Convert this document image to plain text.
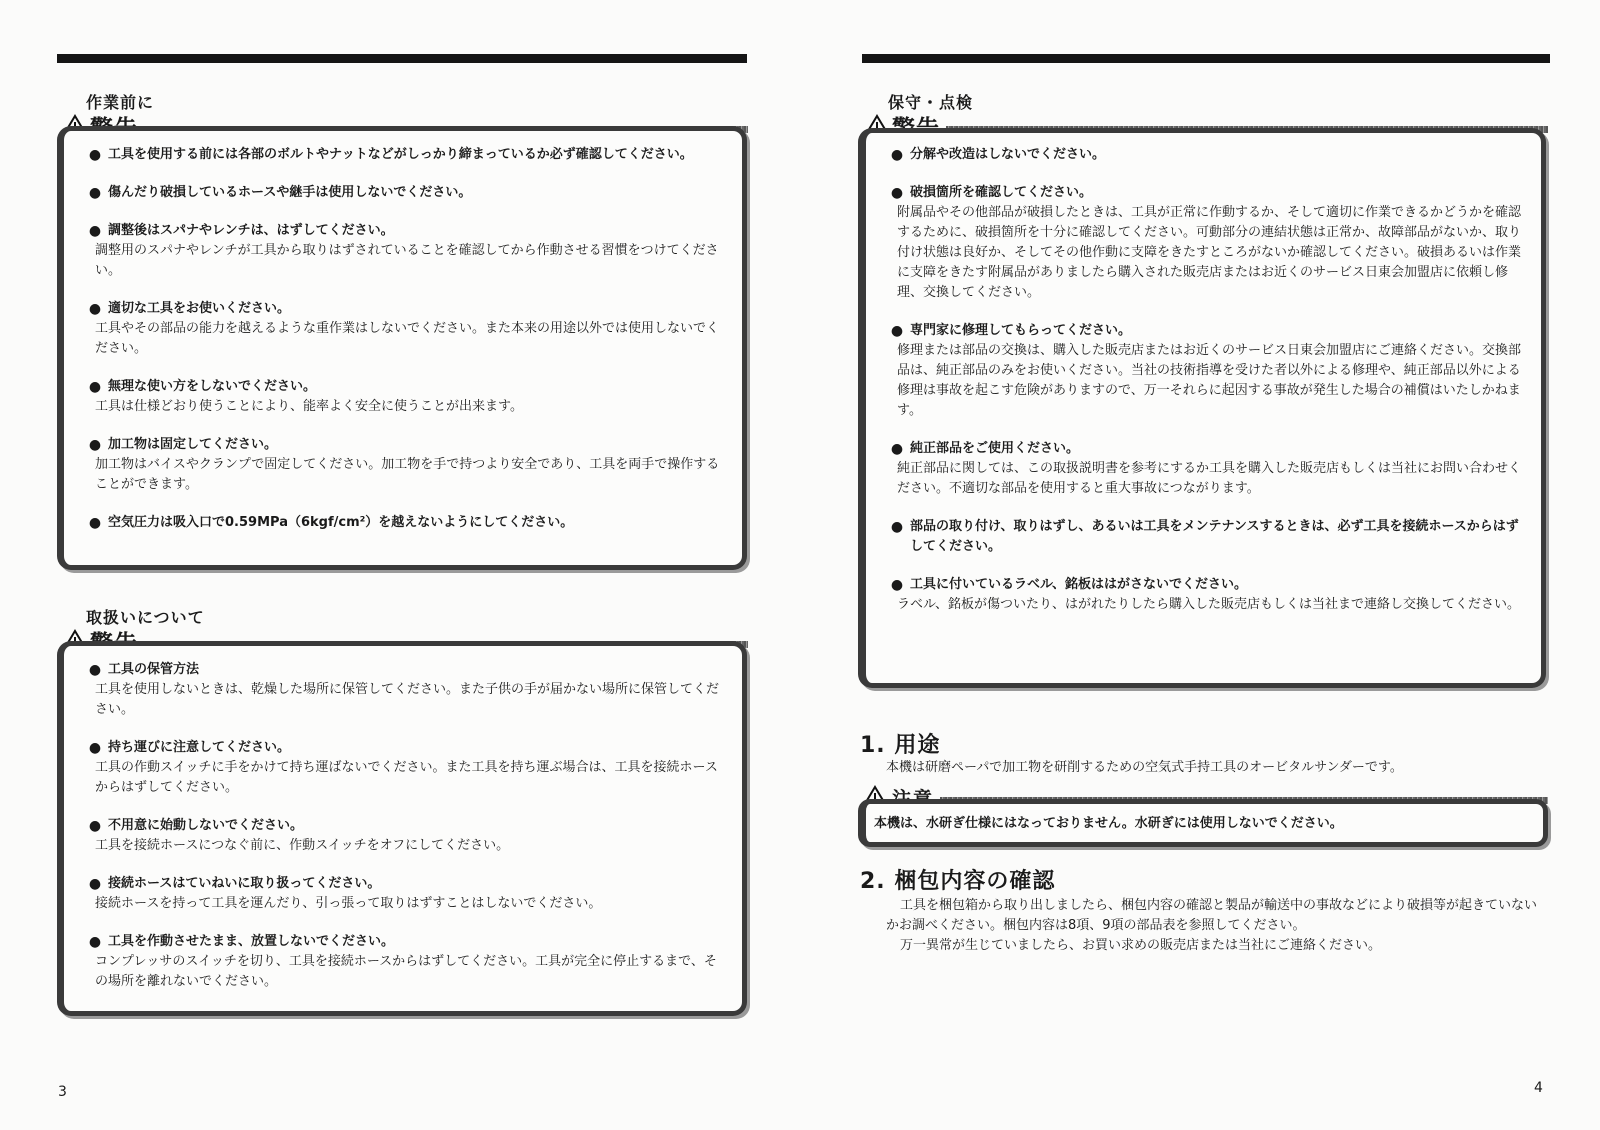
作業前に
● 工具を使用する前には各部のボルトやナットなどがしっかり締まっているか必ず確認してください。
● 傷んだり破損しているホースや継手は使用しないでください。
● 調整後はスパナやレンチは、はずしてください。
調整用のスパナやレンチが工具から取りはずされていることを確認してから作動させる習慣をつけてください。
● 適切な工具をお使いください。
工具やその部品の能力を越えるような重作業はしないでください。また本来の用途以外では使用しないでください。
● 無理な使い方をしないでください。
工具は仕様どおり使うことにより、能率よく安全に使うことが出来ます。
● 加工物は固定してください。
加工物はバイスやクランプで固定してください。加工物を手で持つより安全であり、工具を両手で操作することができます。
● 空気圧力は吸入口で0.59MPa（6kgf/cm²）を越えないようにしてください。
取扱いについて
● 工具の保管方法
工具を使用しないときは、乾燥した場所に保管してください。また子供の手が届かない場所に保管してください。
● 持ち運びに注意してください。
工具の作動スイッチに手をかけて持ち運ばないでください。また工具を持ち運ぶ場合は、工具を接続ホースからはずしてください。
● 不用意に始動しないでください。
工具を接続ホースにつなぐ前に、作動スイッチをオフにしてください。
● 接続ホースはていねいに取り扱ってください。
接続ホースを持って工具を運んだり、引っ張って取りはずすことはしないでください。
● 工具を作動させたまま、放置しないでください。
コンプレッサのスイッチを切り、工具を接続ホースからはずしてください。工具が完全に停止するまで、その場所を離れないでください。
3
保守・点検
● 分解や改造はしないでください。
● 破損箇所を確認してください。
附属品やその他部品が破損したときは、工具が正常に作動するか、そして適切に作業できるかどうかを確認するために、破損箇所を十分に確認してください。可動部分の連結状態は正常か、故障部品がないか、取り付け状態は良好か、そしてその他作動に支障をきたすところがないか確認してください。破損あるいは作業に支障をきたす附属品がありましたら購入された販売店またはお近くのサービス日東会加盟店に依頼し修理、交換してください。
● 専門家に修理してもらってください。
修理または部品の交換は、購入した販売店またはお近くのサービス日東会加盟店にご連絡ください。交換部品は、純正部品のみをお使いください。当社の技術指導を受けた者以外による修理や、純正部品以外による修理は事故を起こす危険がありますので、万一それらに起因する事故が発生した場合の補償はいたしかねます。
● 純正部品をご使用ください。
純正部品に関しては、この取扱説明書を参考にするか工具を購入した販売店もしくは当社にお問い合わせください。不適切な部品を使用すると重大事故につながります。
● 部品の取り付け、取りはずし、あるいは工具をメンテナンスするときは、必ず工具を接続ホースからはずしてください。
● 工具に付いているラベル、銘板ははがさないでください。
ラベル、銘板が傷ついたり、はがれたりしたら購入した販売店もしくは当社まで連絡し交換してください。
1. 用途
本機は研磨ペーパで加工物を研削するための空気式手持工具のオービタルサンダーです。
本機は、水研ぎ仕様にはなっておりません。水研ぎには使用しないでください。
2. 梱包内容の確認
工具を梱包箱から取り出しましたら、梱包内容の確認と製品が輸送中の事故などにより破損等が起きていないかお調べください。梱包内容は8項、9項の部品表を参照してください。
万一異常が生じていましたら、お買い求めの販売店または当社にご連絡ください。
4
